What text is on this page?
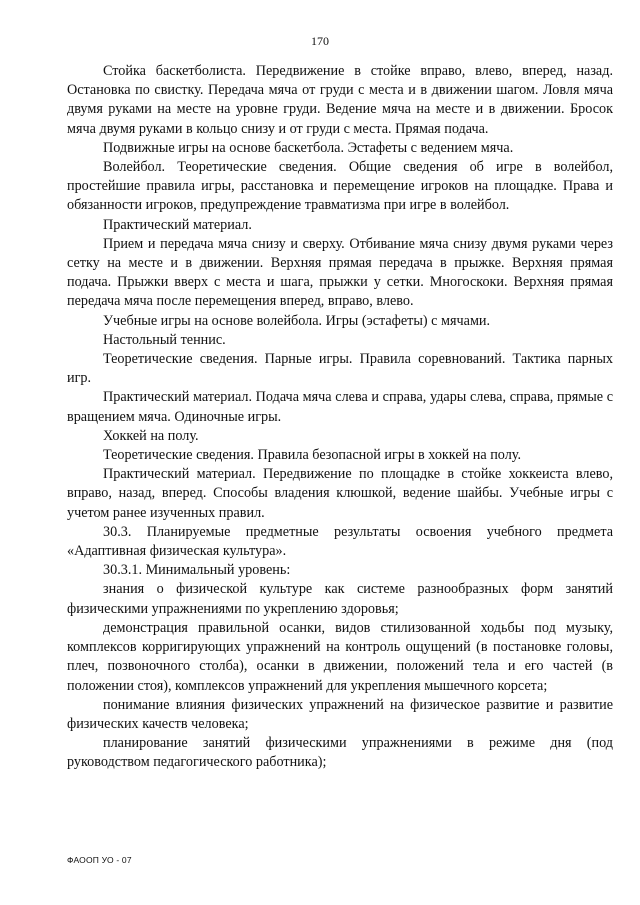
170

Стойка баскетболиста. Передвижение в стойке вправо, влево, вперед, назад. Остановка по свистку. Передача мяча от груди с места и в движении шагом. Ловля мяча двумя руками на месте на уровне груди. Ведение мяча на месте и в движении. Бросок мяча двумя руками в кольцо снизу и от груди с места. Прямая подача.

Подвижные игры на основе баскетбола. Эстафеты с ведением мяча.

Волейбол. Теоретические сведения. Общие сведения об игре в волейбол, простейшие правила игры, расстановка и перемещение игроков на площадке. Права и обязанности игроков, предупреждение травматизма при игре в волейбол.

Практический материал.

Прием и передача мяча снизу и сверху. Отбивание мяча снизу двумя руками через сетку на месте и в движении. Верхняя прямая передача в прыжке. Верхняя прямая подача. Прыжки вверх с места и шага, прыжки у сетки. Многоскоки. Верхняя прямая передача мяча после перемещения вперед, вправо, влево.

Учебные игры на основе волейбола. Игры (эстафеты) с мячами.

Настольный теннис.

Теоретические сведения. Парные игры. Правила соревнований. Тактика парных игр.

Практический материал. Подача мяча слева и справа, удары слева, справа, прямые с вращением мяча. Одиночные игры.

Хоккей на полу.

Теоретические сведения. Правила безопасной игры в хоккей на полу.

Практический материал. Передвижение по площадке в стойке хоккеиста влево, вправо, назад, вперед. Способы владения клюшкой, ведение шайбы. Учебные игры с учетом ранее изученных правил.

30.3. Планируемые предметные результаты освоения учебного предмета «Адаптивная физическая культура».

30.3.1. Минимальный уровень:

знания о физической культуре как системе разнообразных форм занятий физическими упражнениями по укреплению здоровья;

демонстрация правильной осанки, видов стилизованной ходьбы под музыку, комплексов корригирующих упражнений на контроль ощущений (в постановке головы, плеч, позвоночного столба), осанки в движении, положений тела и его частей (в положении стоя), комплексов упражнений для укрепления мышечного корсета;

понимание влияния физических упражнений на физическое развитие и развитие физических качеств человека;

планирование занятий физическими упражнениями в режиме дня (под руководством педагогического работника);

ФАООП УО - 07
